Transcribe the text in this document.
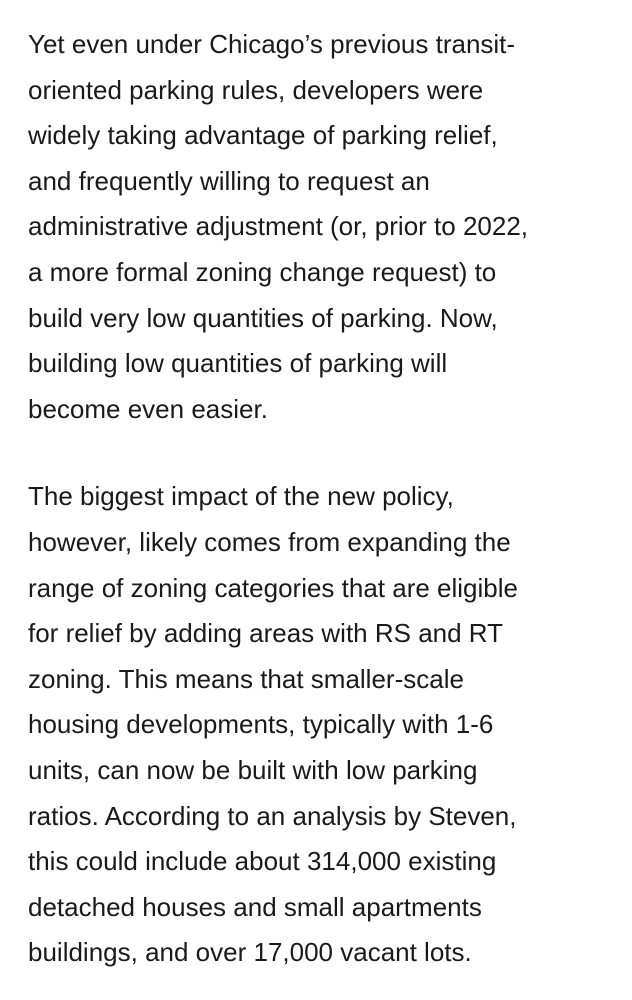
Yet even under Chicago’s previous transit-
oriented parking rules, developers were
widely taking advantage of parking relief,
and frequently willing to request an
administrative adjustment (or, prior to 2022,
a more formal zoning change request) to
build very low quantities of parking. Now,
building low quantities of parking will
become even easier.

The biggest impact of the new policy,
however, likely comes from expanding the
range of zoning categories that are eligible
for relief by adding areas with RS and RT
zoning. This means that smaller-scale
housing developments, typically with 1-6
units, can now be built with low parking
ratios. According to an analysis by Steven,
this could include about 314,000 existing
detached houses and small apartments
buildings, and over 17,000 vacant lots.
